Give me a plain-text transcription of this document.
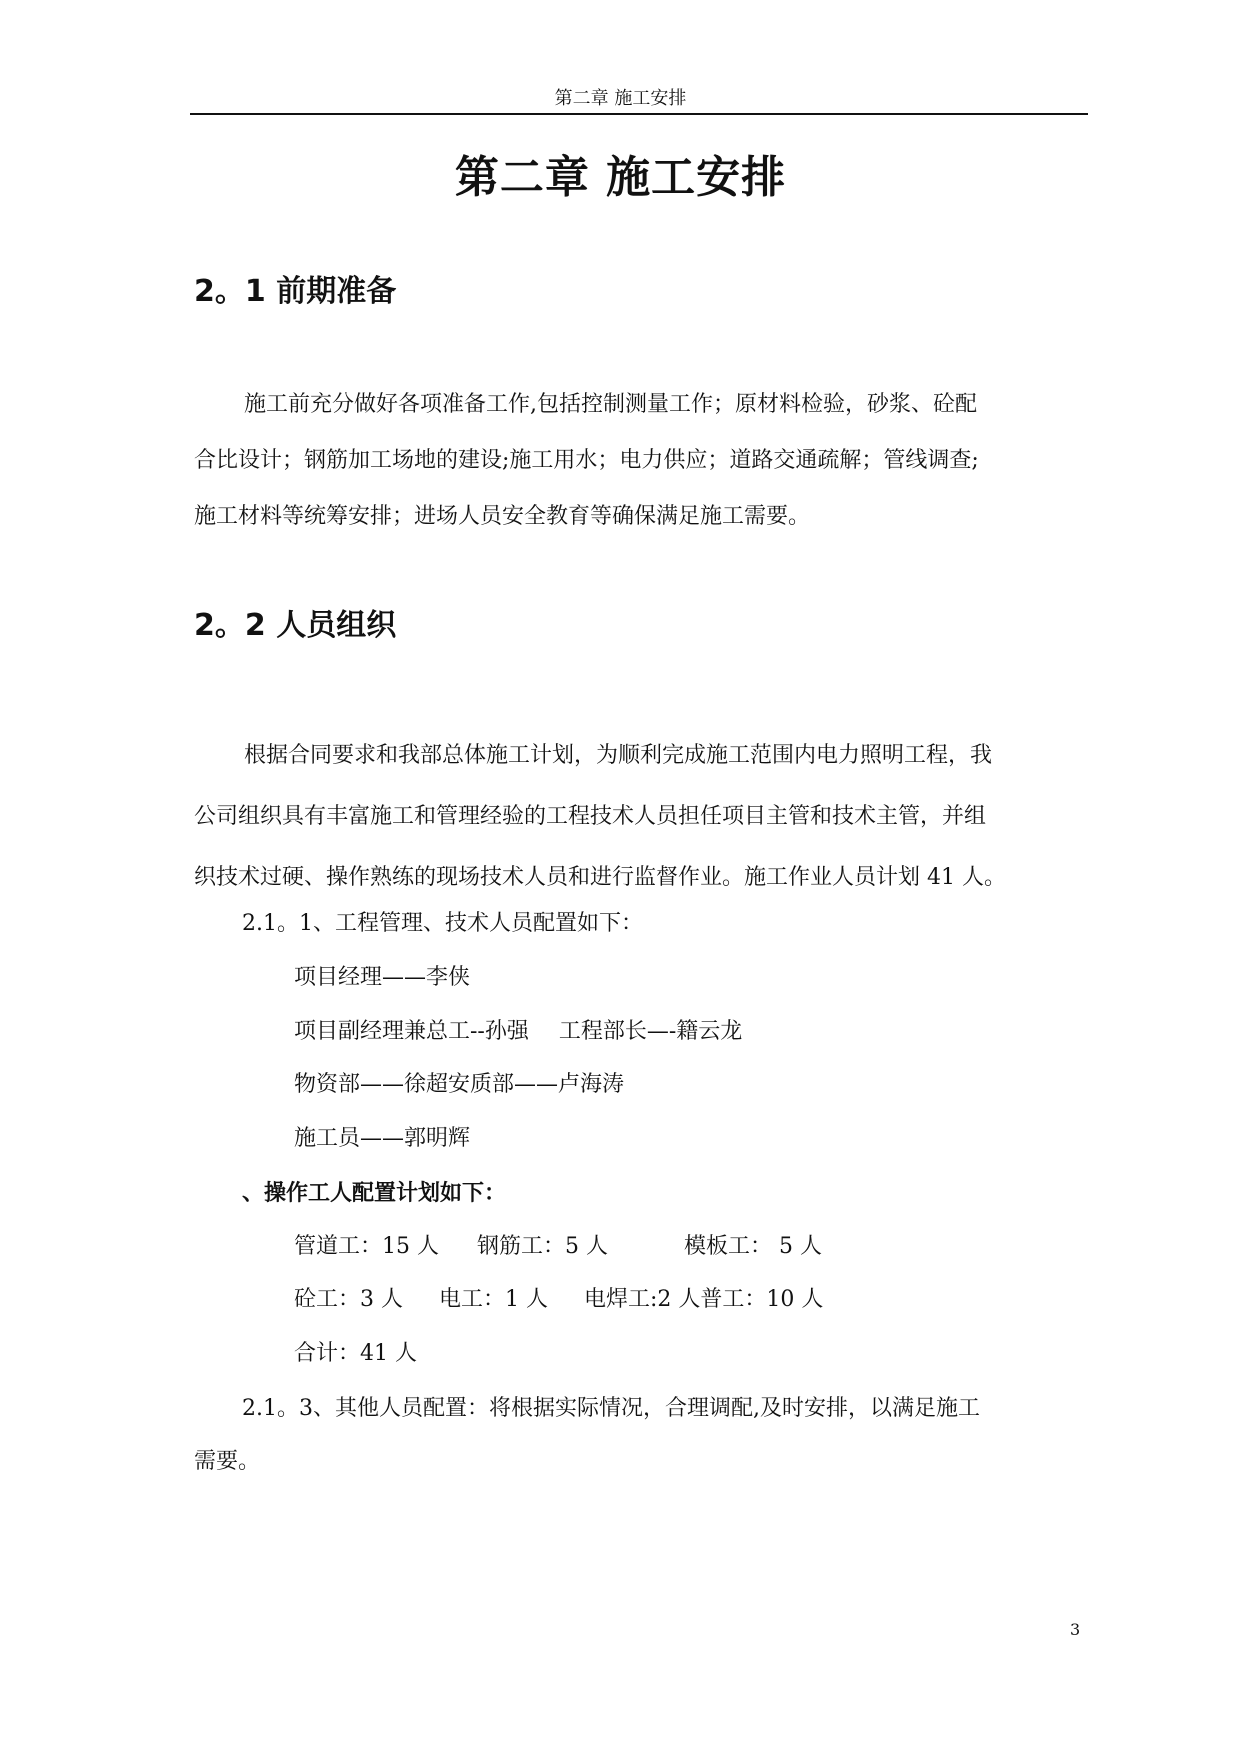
第二章 施工安排
第二章 施工安排
2。1 前期准备
施工前充分做好各项准备工作,包括控制测量工作；原材料检验，砂浆、砼配
合比设计；钢筋加工场地的建设;施工用水；电力供应；道路交通疏解；管线调查;
施工材料等统筹安排；进场人员安全教育等确保满足施工需要。
2。2 人员组织
根据合同要求和我部总体施工计划，为顺利完成施工范围内电力照明工程，我
公司组织具有丰富施工和管理经验的工程技术人员担任项目主管和技术主管，并组
织技术过硬、操作熟练的现场技术人员和进行监督作业。施工作业人员计划 41 人。
2.1。1、工程管理、技术人员配置如下：
项目经理——李侠
项目副经理兼总工--孙强 工程部长—-籍云龙
物资部——徐超安质部——卢海涛
施工员——郭明辉
、操作工人配置计划如下：
管道工：15 人 钢筋工：5 人	模板工： 5 人
砼工：3 人 电工：1 人 电焊工:2 人普工：10 人
合计：41 人
2.1。3、其他人员配置：将根据实际情况，合理调配,及时安排，以满足施工
需要。
3
